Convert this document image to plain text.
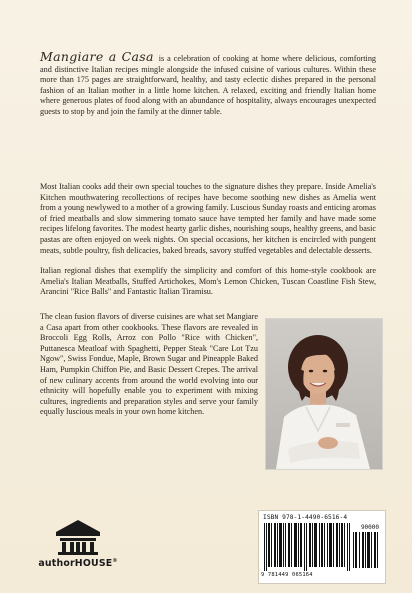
Mangiare a Casa is a celebration of cooking at home where delicious, comforting and distinctive Italian recipes mingle alongside the infused cuisine of various cultures. Within these more than 175 pages are straightforward, healthy, and tasty eclectic dishes prepared in the personal fashion of an Italian mother in a little home kitchen. A relaxed, exciting and friendly Italian home where generous plates of food along with an abundance of hospitality, always encourages unexpected guests to stop by and join the family at the dinner table.

Most Italian cooks add their own special touches to the signature dishes they prepare. Inside Amelia's Kitchen mouthwatering recollections of recipes have become soothing new dishes as Amelia went from a young newlywed to a mother of a growing family. Luscious Sunday roasts and enticing aromas of fried meatballs and slow simmering tomato sauce have tempted her family and have made some recipes lifelong favorites. The modest hearty garlic dishes, nourishing soups, healthy greens, and basic pastas are often enjoyed on week nights. On special occasions, her kitchen is encircled with pungent meats, subtle poultry, fish delicacies, baked breads, savory stuffed vegetables and delectable desserts.

Italian regional dishes that exemplify the simplicity and comfort of this home-style cookbook are Amelia's Italian Meatballs, Stuffed Artichokes, Mom's Lemon Chicken, Tuscan Coastline Fish Stew, Arancini "Rice Balls" and Fantastic Italian Tiramisu.

The clean fusion flavors of diverse cuisines are what set Mangiare a Casa apart from other cookbooks. These flavors are revealed in Broccoli Egg Rolls, Arroz con Pollo "Rice with Chicken", Puttanesca Meatloaf with Spaghetti, Pepper Steak "Care Lot Tzu Ngow", Swiss Fondue, Maple, Brown Sugar and Pineapple Baked Ham, Pumpkin Chiffon Pie, and Basic Dessert Crepes. The arrival of new culinary accents from around the world evolving into our ethnicity will hopefully enable you to experiment with mixing cultures, ingredients and preparation styles and serve your family equally luscious meals in your own home kitchen.

ISBN 978-1-4490-6516-4
90000
9 781449 065164
authorHOUSE®
